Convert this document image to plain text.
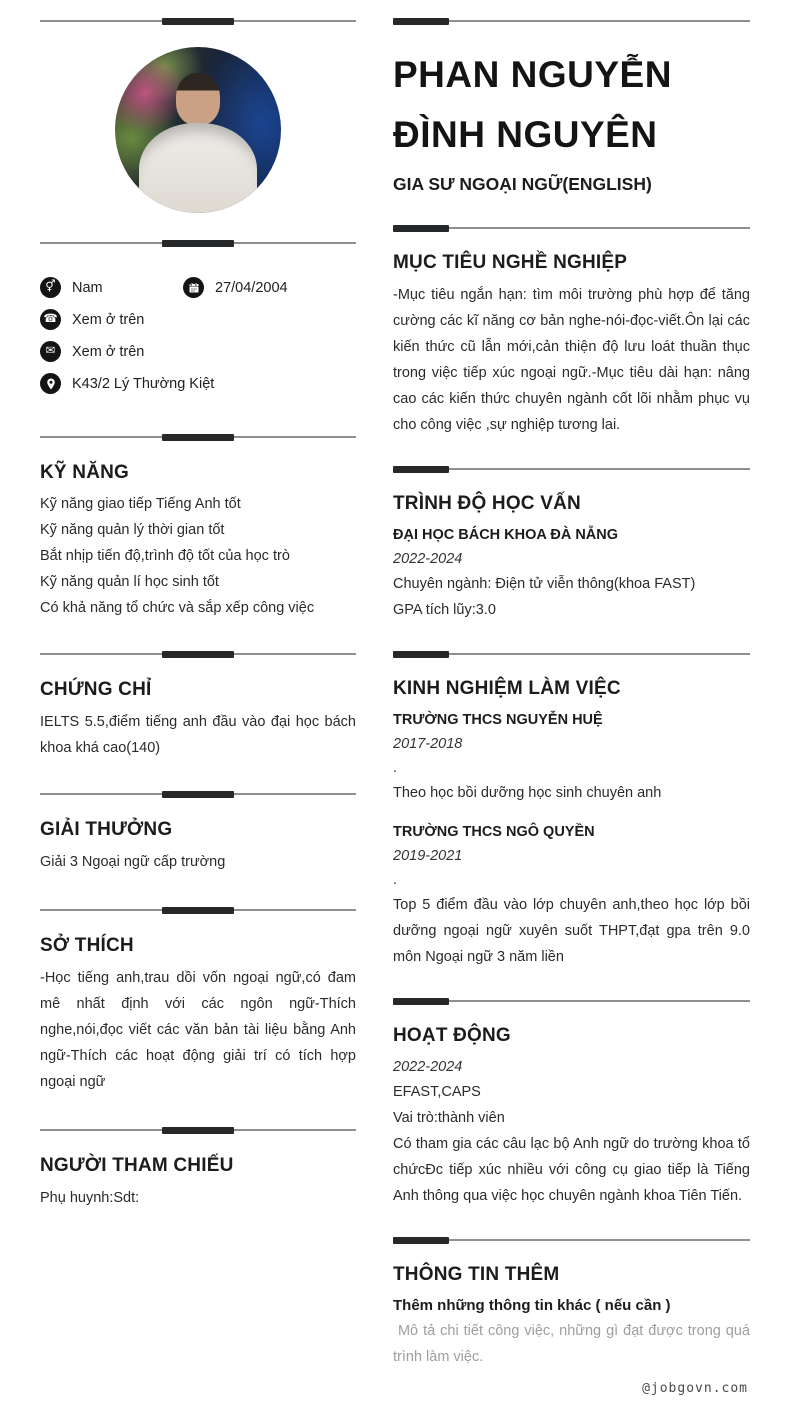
⚥	Nam	27/04/2004
☎ Xem ở trên
✉	Xem ở trên
K43/2 Lý Thường Kiệt
KỸ NĂNG
Kỹ năng giao tiếp Tiếng Anh tốt
Kỹ năng quản lý thời gian tốt
Bắt nhịp tiến độ,trình độ tốt của học trò
Kỹ năng quản lí học sinh tốt
Có khả năng tổ chức và sắp xếp công việc
CHỨNG CHỈ

IELTS 5.5,điểm tiếng anh đầu vào đại học bách khoa khá cao(140)

GIẢI THƯỞNG

Giải 3 Ngoại ngữ cấp trường

SỞ THÍCH

-Học tiếng anh,trau dồi vốn ngoại ngữ,có đam mê nhất định với các ngôn ngữ-Thích nghe,nói,đọc viết các văn bản tài liệu bằng Anh ngữ-Thích các hoạt động giải trí có tích hợp ngoại ngữ

NGƯỜI THAM CHIẾU

Phụ huynh:Sdt:

PHAN NGUYỄN
ĐÌNH NGUYÊN
GIA SƯ NGOẠI NGỮ(ENGLISH)
MỤC TIÊU NGHỀ NGHIỆP

-Mục tiêu ngắn hạn: tìm môi trường phù hợp để tăng cường các kĩ năng cơ bản nghe-nói-đọc-viết.Ôn lại các kiến thức cũ lẫn mới,cản thiện độ lưu loát thuần thục trong việc tiếp xúc ngoại ngữ.-Mục tiêu dài hạn: nâng cao các kiến thức chuyên ngành cốt lõi nhằm phục vụ cho công việc ,sự nghiệp tương lai.

TRÌNH ĐỘ HỌC VẤN
ĐẠI HỌC BÁCH KHOA ĐÀ NẴNG
2022-2024
Chuyên ngành: Điện tử viễn thông(khoa FAST)
GPA tích lũy:3.0
KINH NGHIỆM LÀM VIỆC
TRƯỜNG THCS NGUYỄN HUỆ
2017-2018
.
Theo học bồi dưỡng học sinh chuyên anh
TRƯỜNG THCS NGÔ QUYỀN
2019-2021
.
Top 5 điểm đầu vào lớp chuyên anh,theo học lớp bồi dưỡng ngoại ngữ xuyên suốt THPT,đạt gpa trên 9.0 môn Ngoại ngữ 3 năm liền
HOẠT ĐỘNG
2022-2024
EFAST,CAPS
Vai trò:thành viên
Có tham gia các câu lạc bộ Anh ngữ do trường khoa tổ chứcĐc tiếp xúc nhiều với công cụ giao tiếp là Tiếng Anh thông qua việc học chuyên ngành khoa Tiên Tiến.
THÔNG TIN THÊM
Thêm những thông tin khác ( nếu cần )

Mô tả chi tiết công việc, những gì đạt được trong quá trình làm việc.

@jobgovn.com
